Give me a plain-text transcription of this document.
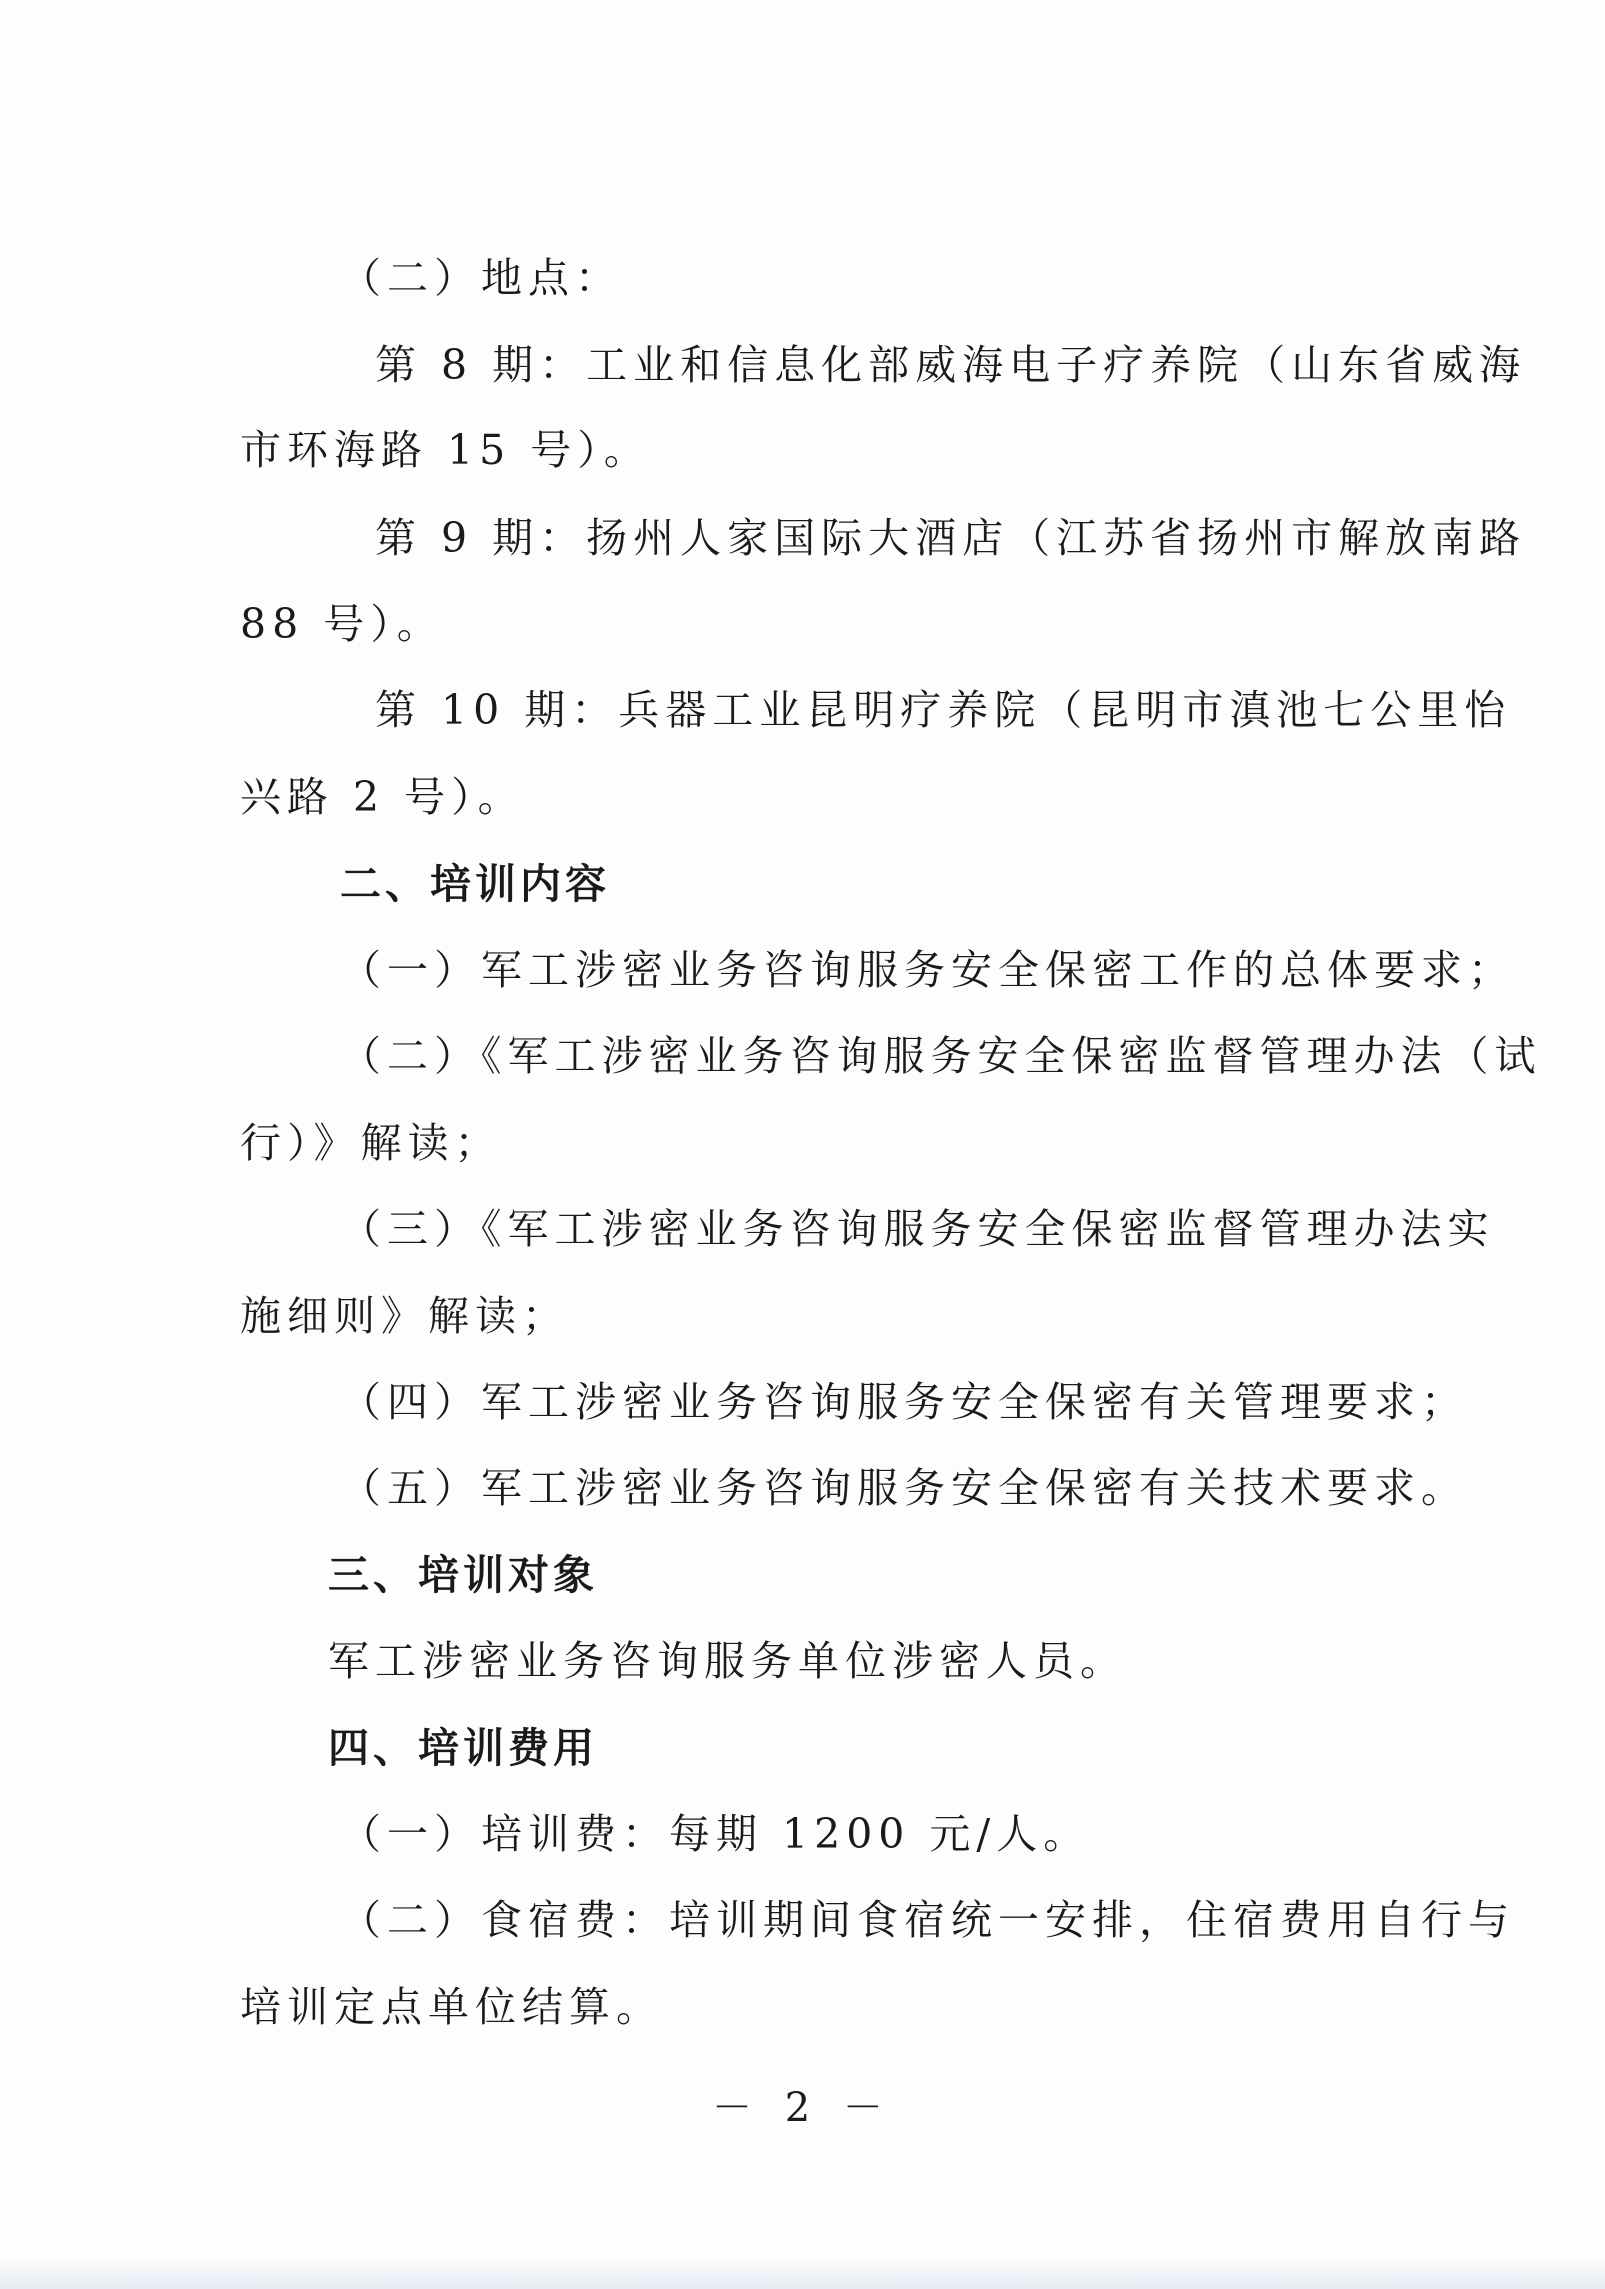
（二）地点：
第 8 期：工业和信息化部威海电子疗养院（山东省威海
市环海路 15 号）。
第 9 期：扬州人家国际大酒店（江苏省扬州市解放南路
88 号）。
第 10 期：兵器工业昆明疗养院（昆明市滇池七公里怡
兴路 2 号）。
二、培训内容
（一）军工涉密业务咨询服务安全保密工作的总体要求；
（二）《军工涉密业务咨询服务安全保密监督管理办法（试
行）》解读；
（三）《军工涉密业务咨询服务安全保密监督管理办法实
施细则》解读；
（四）军工涉密业务咨询服务安全保密有关管理要求；
（五）军工涉密业务咨询服务安全保密有关技术要求。
三、培训对象
军工涉密业务咨询服务单位涉密人员。
四、培训费用
（一）培训费：每期 1200 元/人。
（二）食宿费：培训期间食宿统一安排，住宿费用自行与
培训定点单位结算。
－ 2 －
